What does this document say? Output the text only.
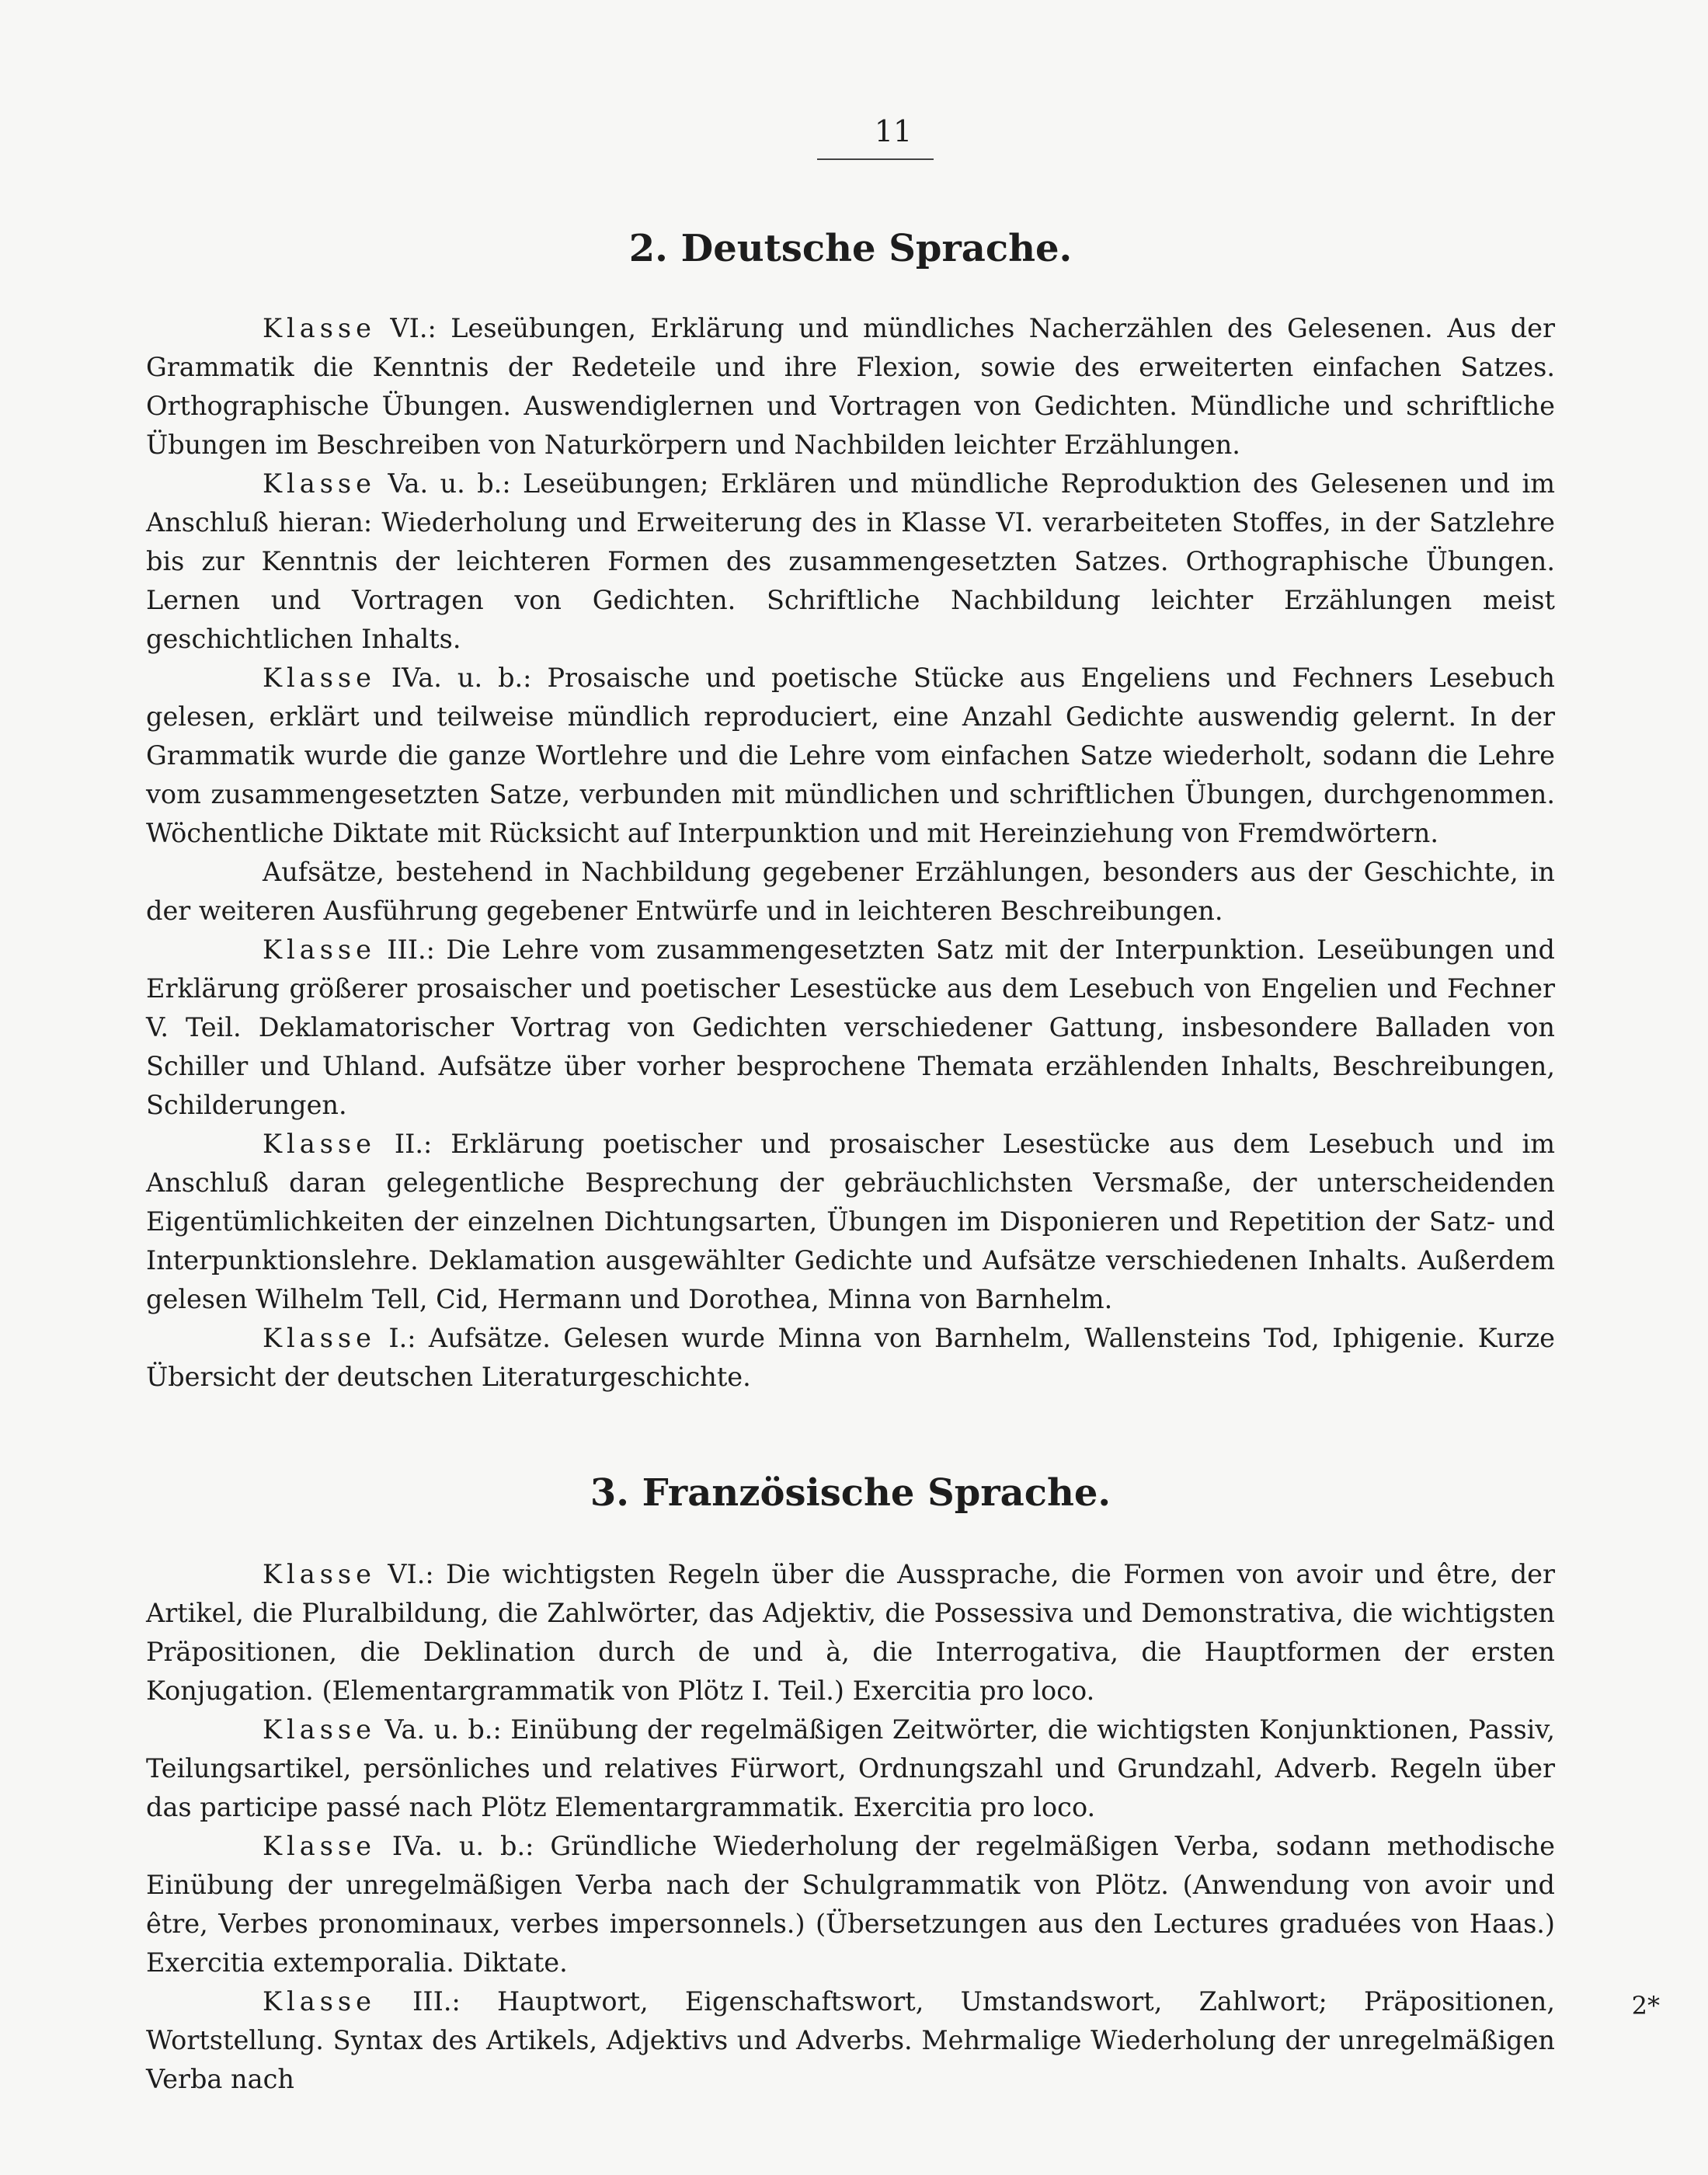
11
2. Deutsche Sprache.

Klasse VI.: Leseübungen, Erklärung und mündliches Nacherzählen des Gelesenen. Aus der Grammatik die Kenntnis der Redeteile und ihre Flexion, sowie des erweiterten einfachen Satzes. Orthographische Übungen. Auswendiglernen und Vortragen von Gedichten. Mündliche und schriftliche Übungen im Beschreiben von Naturkörpern und Nachbilden leichter Erzählungen.

Klasse Va. u. b.: Leseübungen; Erklären und mündliche Reproduktion des Gelesenen und im Anschluß hieran: Wiederholung und Erweiterung des in Klasse VI. verarbeiteten Stoffes, in der Satzlehre bis zur Kenntnis der leichteren Formen des zusammengesetzten Satzes. Orthographische Übungen. Lernen und Vortragen von Gedichten. Schriftliche Nachbildung leichter Erzählungen meist geschichtlichen Inhalts.

Klasse IVa. u. b.: Prosaische und poetische Stücke aus Engeliens und Fechners Lesebuch gelesen, erklärt und teilweise mündlich reproduciert, eine Anzahl Gedichte auswendig gelernt. In der Grammatik wurde die ganze Wortlehre und die Lehre vom einfachen Satze wiederholt, sodann die Lehre vom zusammengesetzten Satze, verbunden mit mündlichen und schriftlichen Übungen, durchgenommen. Wöchentliche Diktate mit Rücksicht auf Interpunktion und mit Hereinziehung von Fremdwörtern.

Aufsätze, bestehend in Nachbildung gegebener Erzählungen, besonders aus der Geschichte, in der weiteren Ausführung gegebener Entwürfe und in leichteren Beschreibungen.

Klasse III.: Die Lehre vom zusammengesetzten Satz mit der Interpunktion. Leseübungen und Erklärung größerer prosaischer und poetischer Lesestücke aus dem Lesebuch von Engelien und Fechner V. Teil. Deklamatorischer Vortrag von Gedichten verschiedener Gattung, insbesondere Balladen von Schiller und Uhland. Aufsätze über vorher besprochene Themata erzählenden Inhalts, Beschreibungen, Schilderungen.

Klasse II.: Erklärung poetischer und prosaischer Lesestücke aus dem Lesebuch und im Anschluß daran gelegentliche Besprechung der gebräuchlichsten Versmaße, der unterscheidenden Eigentümlichkeiten der einzelnen Dichtungsarten, Übungen im Disponieren und Repetition der Satz- und Interpunktionslehre. Deklamation ausgewählter Gedichte und Aufsätze verschiedenen Inhalts. Außerdem gelesen Wilhelm Tell, Cid, Hermann und Dorothea, Minna von Barnhelm.

Klasse I.: Aufsätze. Gelesen wurde Minna von Barnhelm, Wallensteins Tod, Iphigenie. Kurze Übersicht der deutschen Literaturgeschichte.

3. Französische Sprache.

Klasse VI.: Die wichtigsten Regeln über die Aussprache, die Formen von avoir und être, der Artikel, die Pluralbildung, die Zahlwörter, das Adjektiv, die Possessiva und Demonstrativa, die wichtigsten Präpositionen, die Deklination durch de und à, die Interrogativa, die Hauptformen der ersten Konjugation. (Elementargrammatik von Plötz I. Teil.) Exercitia pro loco.

Klasse Va. u. b.: Einübung der regelmäßigen Zeitwörter, die wichtigsten Konjunktionen, Passiv, Teilungsartikel, persönliches und relatives Fürwort, Ordnungszahl und Grundzahl, Adverb. Regeln über das participe passé nach Plötz Elementargrammatik. Exercitia pro loco.

Klasse IVa. u. b.: Gründliche Wiederholung der regelmäßigen Verba, sodann methodische Einübung der unregelmäßigen Verba nach der Schulgrammatik von Plötz. (Anwendung von avoir und être, Verbes pronominaux, verbes impersonnels.) (Übersetzungen aus den Lectures graduées von Haas.) Exercitia extemporalia. Diktate.

Klasse III.: Hauptwort, Eigenschaftswort, Umstandswort, Zahlwort; Präpositionen, Wortstellung. Syntax des Artikels, Adjektivs und Adverbs. Mehrmalige Wiederholung der unregelmäßigen Verba nach

2*
